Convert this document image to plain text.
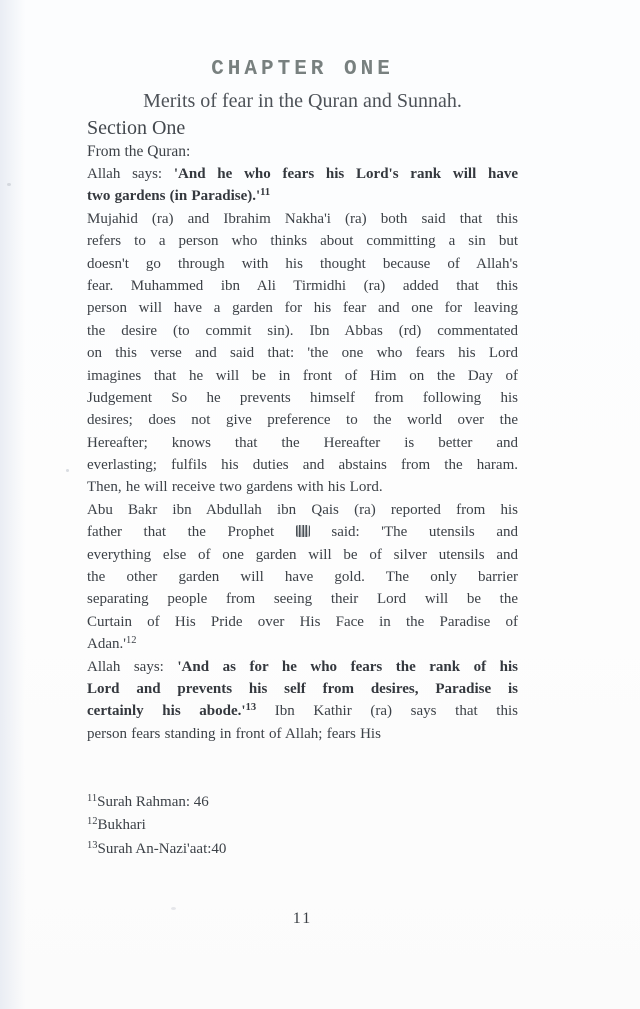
CHAPTER ONE
Merits of fear in the Quran and Sunnah.
Section One
From the Quran:
Allah says: 'And he who fears his Lord's rank will have
two gardens (in $Paradise).'^{11}$
Mujahid (ra) and Ibrahim Nakha'i (ra) both said that this
refers to a person who thinks about committing a sin but
doesn't go through with his thought because of Allah's
fear. Muhammed ibn Ali Tirmidhi (ra) added that this
person will have a garden for his fear and one for leaving
the desire (to commit sin). Ibn Abbas (rd) commentated
on this verse and said that: 'the one who fears his Lord
imagines that he will be in front of Him on the Day of
Judgement So he prevents himself from following his
desires; does not give preference to the world over the
Hereafter; knows that the Hereafter is better and
everlasting; fulfils his duties and abstains from the haram.
Then, he will receive two gardens with his Lord.
Abu Bakr ibn Abdullah ibn Qais (ra) reported from his
father that the Prophet  said: 'The utensils and
everything else of one garden will be of silver utensils and
the other garden will have gold. The only barrier
separating people from seeing their Lord will be the
Curtain of His Pride over His Face in the Paradise of
$Adan.'^{12}$
Allah says: 'And as for he who fears the rank of his
Lord and prevents his self from desires, Paradise is
certainly his $abode.'^{13}$ Ibn Kathir (ra) says that this
person fears standing in front of Allah; fears His
$^{11}$Surah Rahman: 46
$^{12}$Bukhari
$^{13}$Surah An-Nazi'aat:40
11
